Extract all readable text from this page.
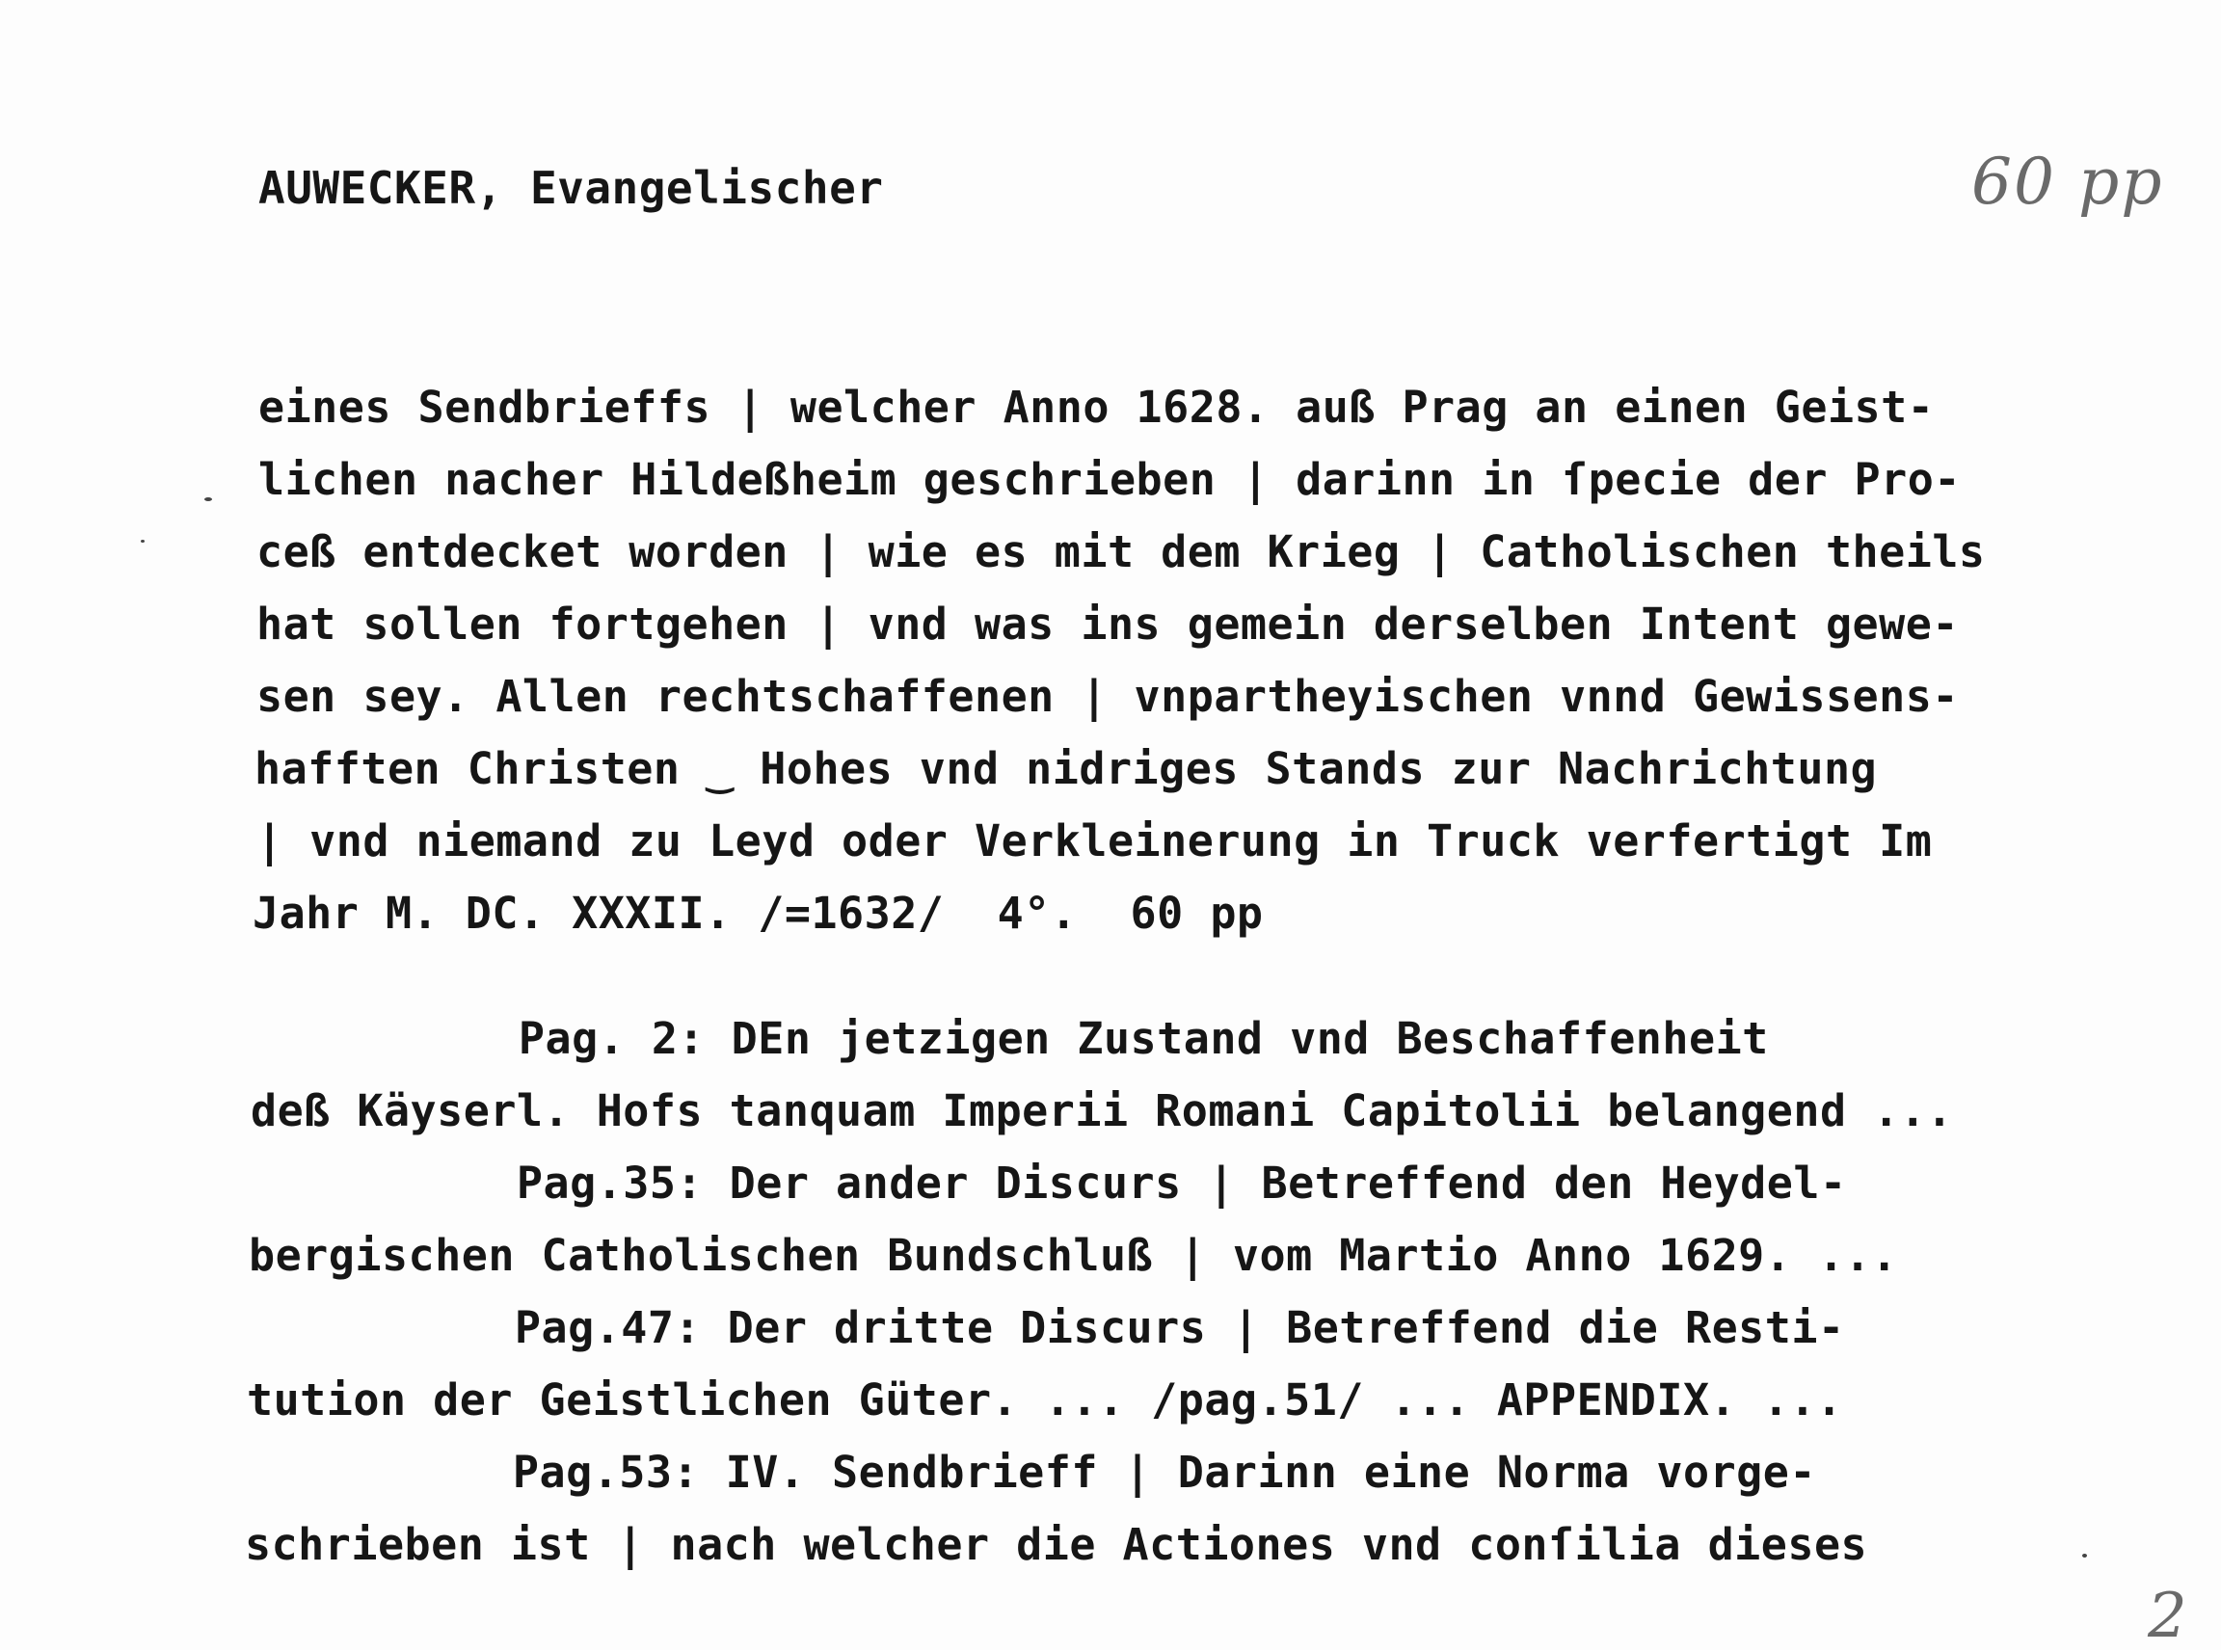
AUWECKER, Evangelischer	60 pp
eines Sendbrieffs | welcher Anno 1628. auß Prag an einen Geist-
lichen nacher Hildeßheim geschrieben | darinn in ſpecie der Pro-
ceß entdecket worden | wie es mit dem Krieg | Catholischen theils
hat sollen fortgehen | vnd was ins gemein derselben Intent gewe-
sen sey. Allen rechtschaffenen | vnpartheyischen vnnd Gewissens-
hafften Christen ‿ Hohes vnd nidriges Stands zur Nachrichtung
| vnd niemand zu Leyd oder Verkleinerung in Truck verfertigt Im
Jahr M. DC. XXXII. /=1632/  4°.  60 pp
Pag. 2: DEn jetzigen Zustand vnd Beschaffenheit
deß Käyserl. Hofs tanquam Imperii Romani Capitolii belangend ...
Pag.35: Der ander Discurs | Betreffend den Heydel-
bergischen Catholischen Bundschluß | vom Martio Anno 1629. ...
Pag.47: Der dritte Discurs | Betreffend die Resti-
tution der Geistlichen Güter. ... /pag.51/ ... APPENDIX. ...
Pag.53: IV. Sendbrieff | Darinn eine Norma vorge-
schrieben ist | nach welcher die Actiones vnd conſilia dieses
2
